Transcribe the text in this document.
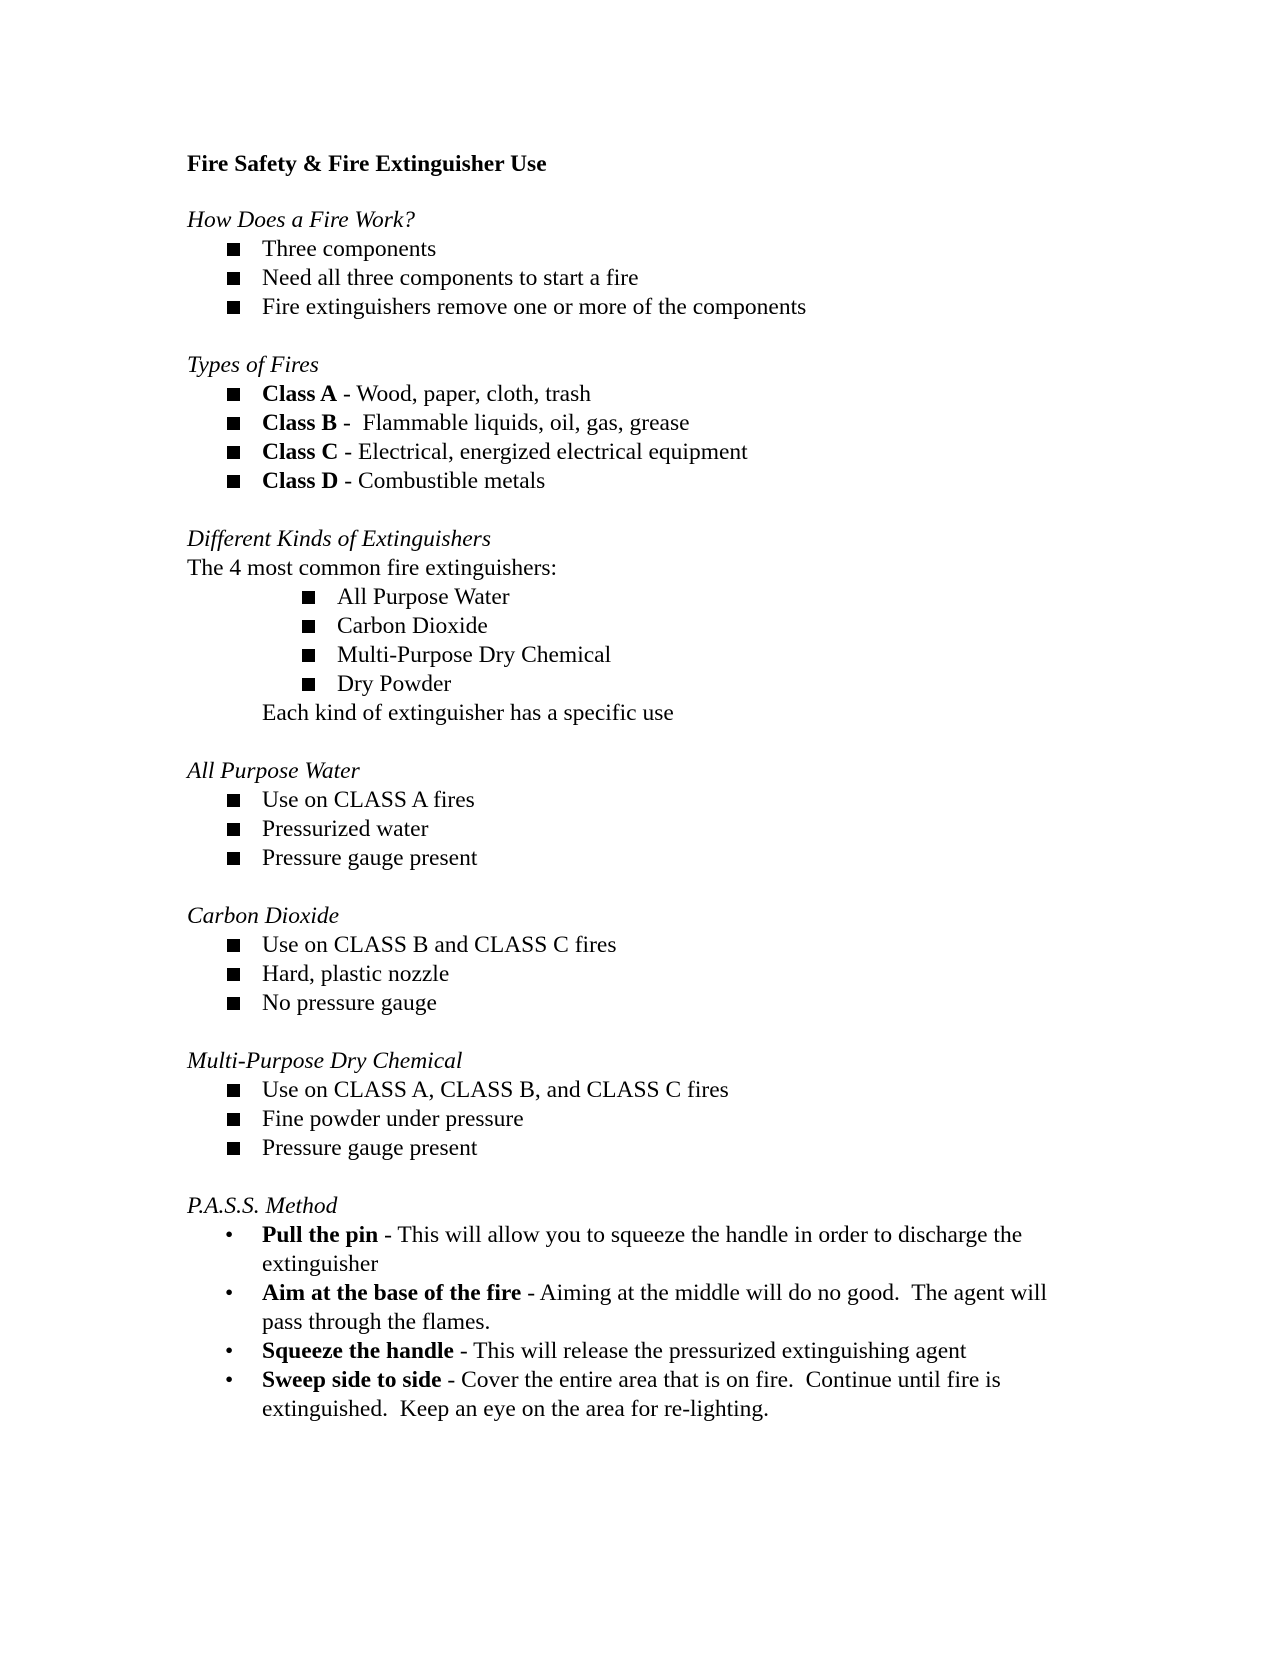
Fire Safety & Fire Extinguisher Use
How Does a Fire Work?
Three components
Need all three components to start a fire
Fire extinguishers remove one or more of the components
Types of Fires
Class A - Wood, paper, cloth, trash
Class B -  Flammable liquids, oil, gas, grease
Class C - Electrical, energized electrical equipment
Class D - Combustible metals
Different Kinds of Extinguishers
The 4 most common fire extinguishers:
All Purpose Water
Carbon Dioxide
Multi-Purpose Dry Chemical
Dry Powder
Each kind of extinguisher has a specific use
All Purpose Water
Use on CLASS A fires
Pressurized water
Pressure gauge present
Carbon Dioxide
Use on CLASS B and CLASS C fires
Hard, plastic nozzle
No pressure gauge
Multi-Purpose Dry Chemical
Use on CLASS A, CLASS B, and CLASS C fires
Fine powder under pressure
Pressure gauge present
P.A.S.S. Method
• Pull the pin - This will allow you to squeeze the handle in order to discharge the extinguisher
• Aim at the base of the fire - Aiming at the middle will do no good.  The agent will pass through the flames.
• Squeeze the handle - This will release the pressurized extinguishing agent
• Sweep side to side - Cover the entire area that is on fire.  Continue until fire is extinguished.  Keep an eye on the area for re-lighting.
